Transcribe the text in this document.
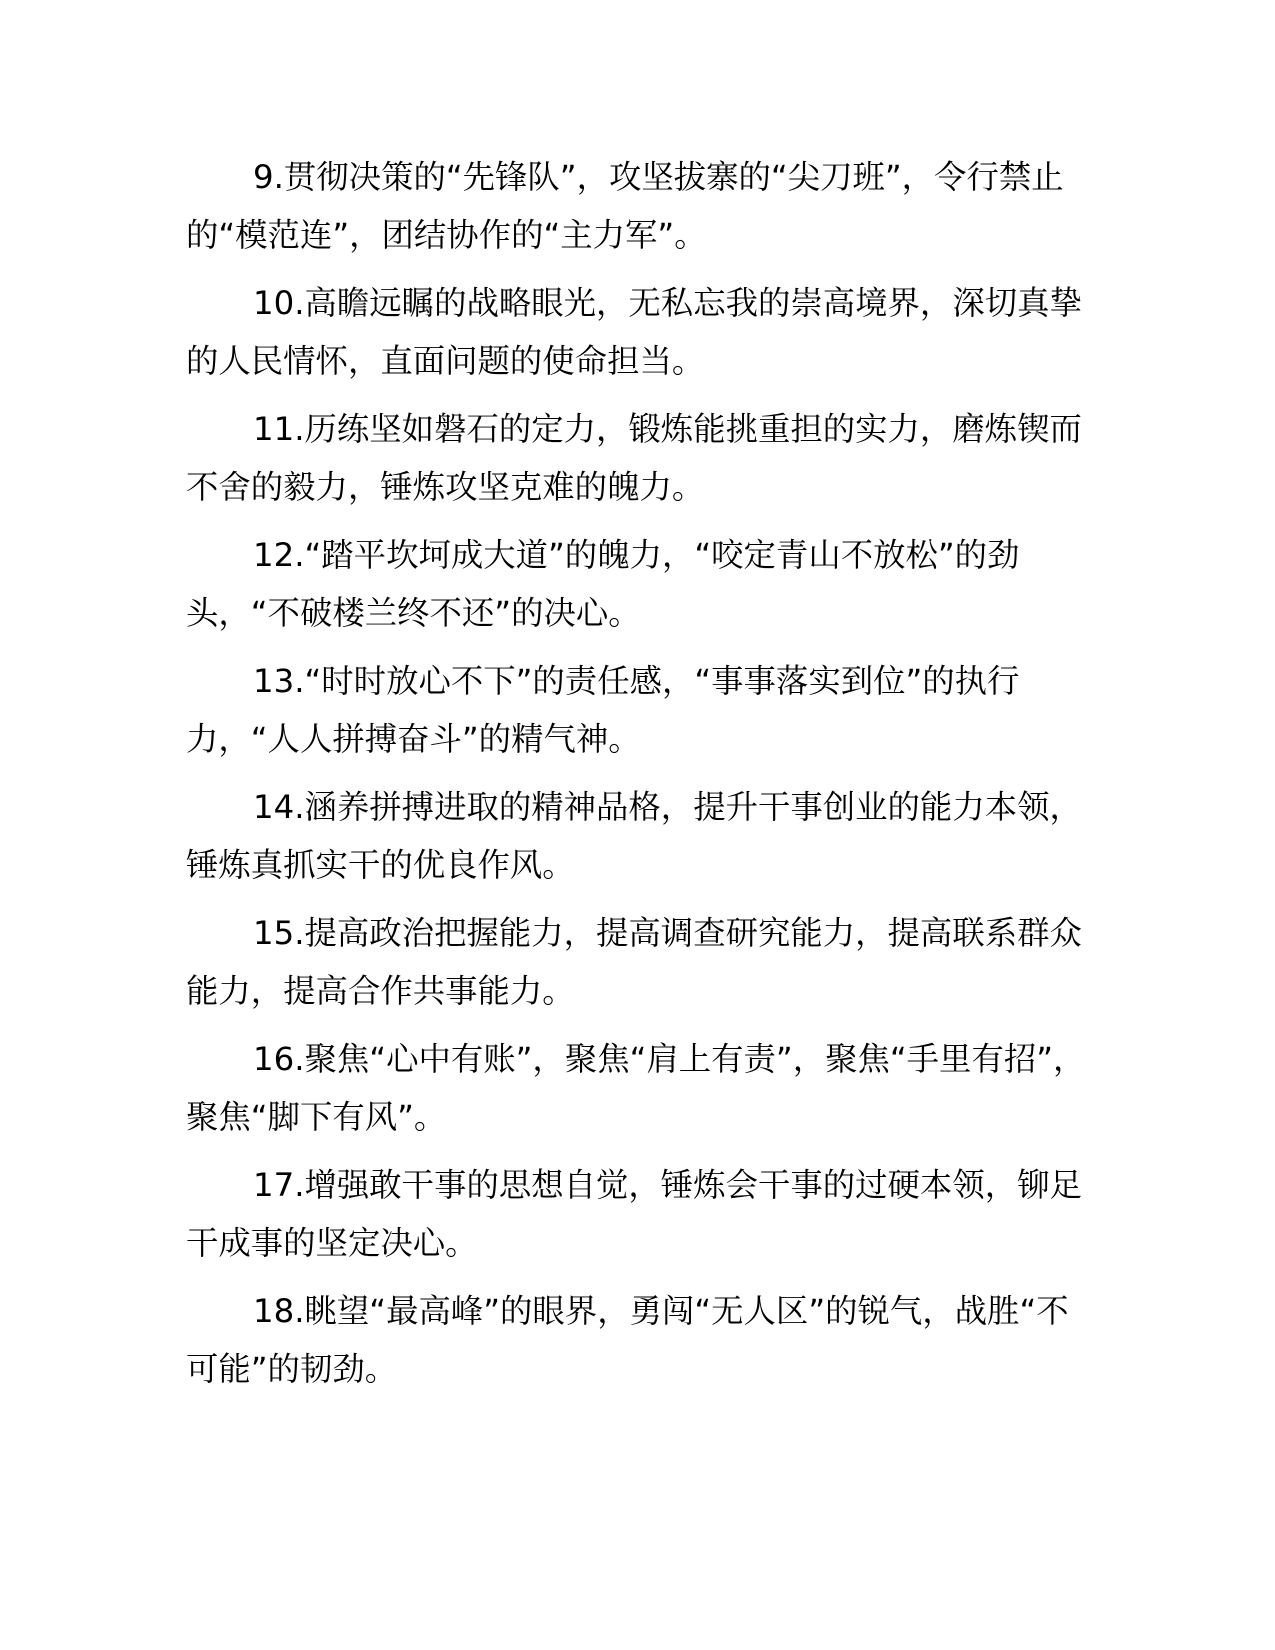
9.贯彻决策的“先锋队”，攻坚拔寨的“尖刀班”，令行禁止的“模范连”，团结协作的“主力军”。

10.高瞻远瞩的战略眼光，无私忘我的崇高境界，深切真挚的人民情怀，直面问题的使命担当。

11.历练坚如磐石的定力，锻炼能挑重担的实力，磨炼锲而不舍的毅力，锤炼攻坚克难的魄力。

12.“踏平坎坷成大道”的魄力，“咬定青山不放松”的劲头，“不破楼兰终不还”的决心。

13.“时时放心不下”的责任感，“事事落实到位”的执行力，“人人拼搏奋斗”的精气神。

14.涵养拼搏进取的精神品格，提升干事创业的能力本领，锤炼真抓实干的优良作风。

15.提高政治把握能力，提高调查研究能力，提高联系群众能力，提高合作共事能力。

16.聚焦“心中有账”，聚焦“肩上有责”，聚焦“手里有招”，聚焦“脚下有风”。

17.增强敢干事的思想自觉，锤炼会干事的过硬本领，铆足干成事的坚定决心。

18.眺望“最高峰”的眼界，勇闯“无人区”的锐气，战胜“不可能”的韧劲。
